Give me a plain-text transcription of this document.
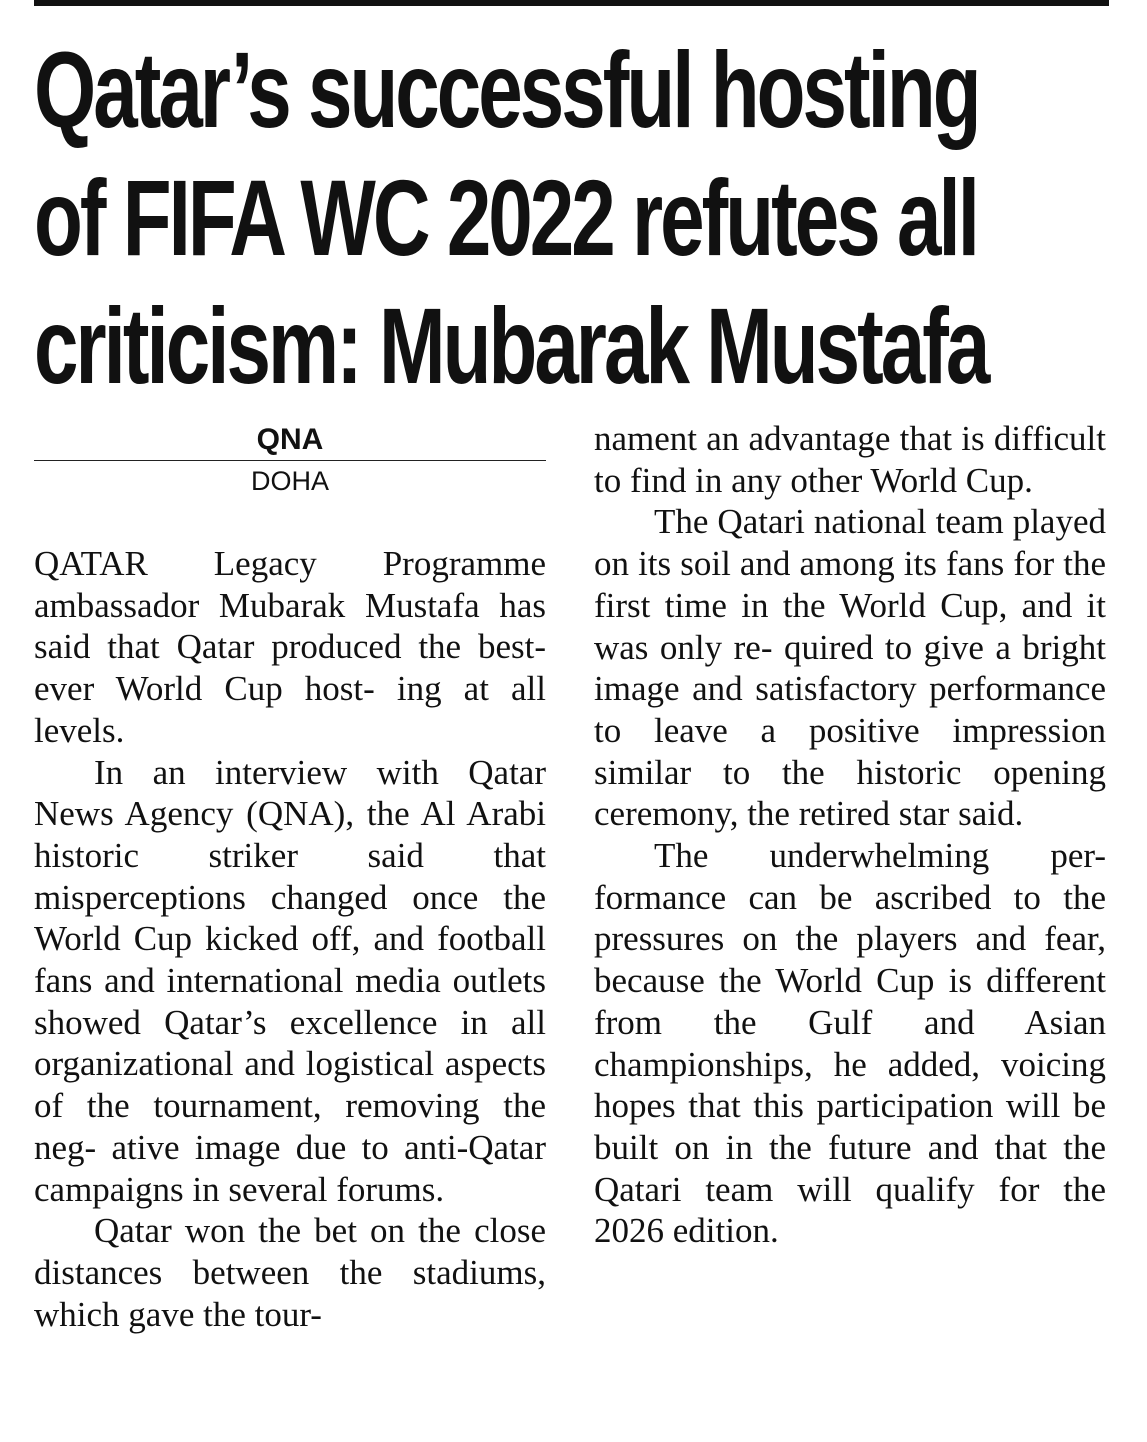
Qatar’s successful hosting
of FIFA WC 2022 refutes all
criticism: Mubarak Mustafa
QNA
DOHA

QATAR Legacy Programme ambassador Mubarak Mustafa has said that Qatar produced the best-ever World Cup host- ing at all levels.

In an interview with Qatar News Agency (QNA), the Al Arabi historic striker said that misperceptions changed once the World Cup kicked off, and football fans and international media outlets showed Qatar’s excellence in all organizational and logistical aspects of the tournament, removing the neg- ative image due to anti-Qatar campaigns in several forums.

Qatar won the bet on the close distances between the stadiums, which gave the tour-

nament an advantage that is difficult to find in any other World Cup.

The Qatari national team played on its soil and among its fans for the first time in the World Cup, and it was only re- quired to give a bright image and satisfactory performance to leave a positive impression similar to the historic opening ceremony, the retired star said.

The underwhelming per- formance can be ascribed to the pressures on the players and fear, because the World Cup is different from the Gulf and Asian championships, he added, voicing hopes that this participation will be built on in the future and that the Qatari team will qualify for the 2026 edition.
